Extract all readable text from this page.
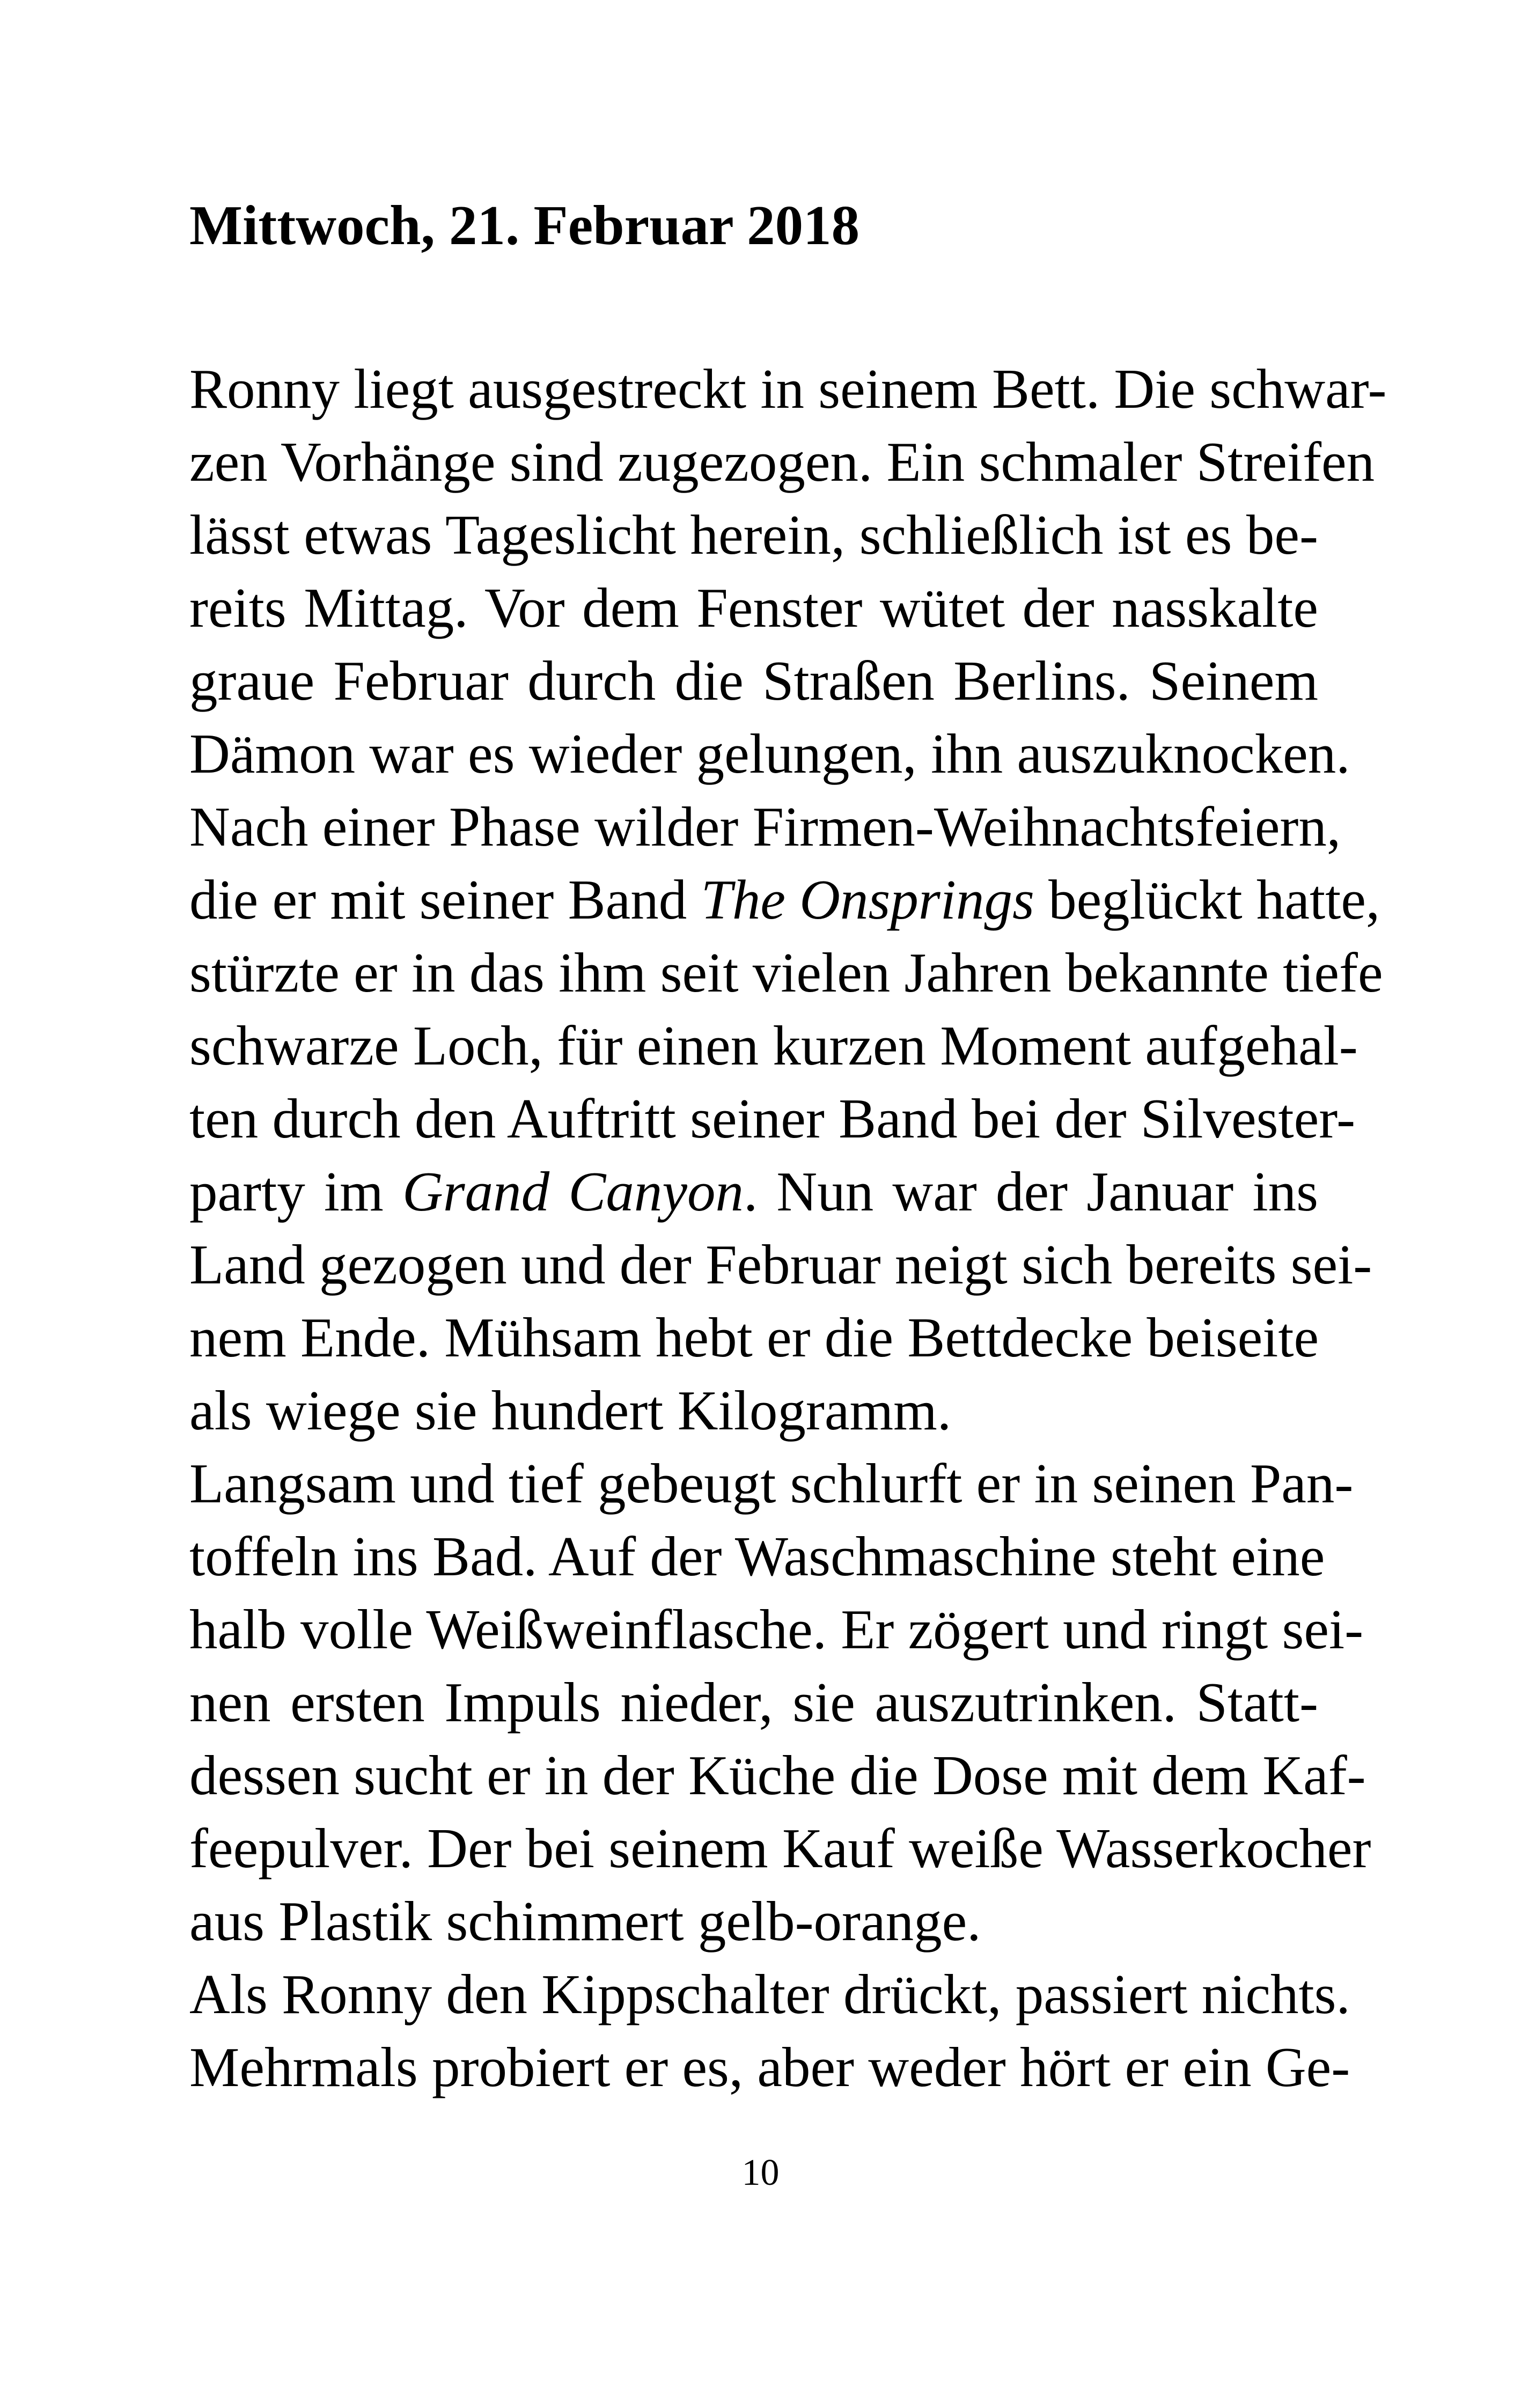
Mittwoch, 21. Februar 2018
Ronny liegt ausgestreckt in seinem Bett. Die schwar-
zen Vorhänge sind zugezogen. Ein schmaler Streifen
lässt etwas Tageslicht herein, schließlich ist es be-
reits Mittag. Vor dem Fenster wütet der nasskalte
graue Februar durch die Straßen Berlins. Seinem
Dämon war es wieder gelungen, ihn auszuknocken.
Nach einer Phase wilder Firmen-Weihnachtsfeiern,
die er mit seiner Band The Onsprings beglückt hatte,
stürzte er in das ihm seit vielen Jahren bekannte tiefe
schwarze Loch, für einen kurzen Moment aufgehal-
ten durch den Auftritt seiner Band bei der Silvester-
party im Grand Canyon. Nun war der Januar ins
Land gezogen und der Februar neigt sich bereits sei-
nem Ende. Mühsam hebt er die Bettdecke beiseite
als wiege sie hundert Kilogramm.
Langsam und tief gebeugt schlurft er in seinen Pan-
toffeln ins Bad. Auf der Waschmaschine steht eine
halb volle Weißweinflasche. Er zögert und ringt sei-
nen ersten Impuls nieder, sie auszutrinken. Statt-
dessen sucht er in der Küche die Dose mit dem Kaf-
feepulver. Der bei seinem Kauf weiße Wasserkocher
aus Plastik schimmert gelb-orange.
Als Ronny den Kippschalter drückt, passiert nichts.
Mehrmals probiert er es, aber weder hört er ein Ge-
10
